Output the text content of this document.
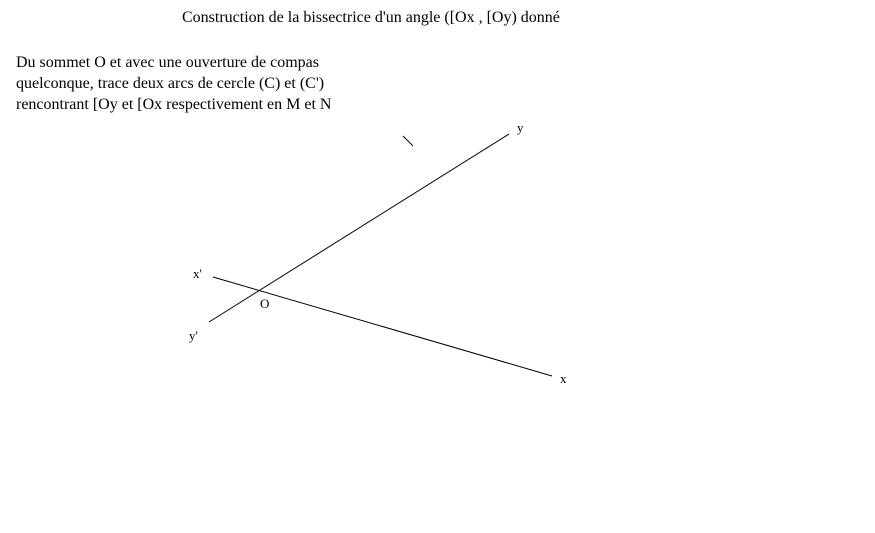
Construction de la bissectrice d'un angle ([Ox , [Oy) donné
Du sommet O et avec une ouverture de compas
quelconque, trace deux arcs de cercle (C) et (C')
rencontrant [Oy et [Ox respectivement en M et N
y
x'
O
y'
x
